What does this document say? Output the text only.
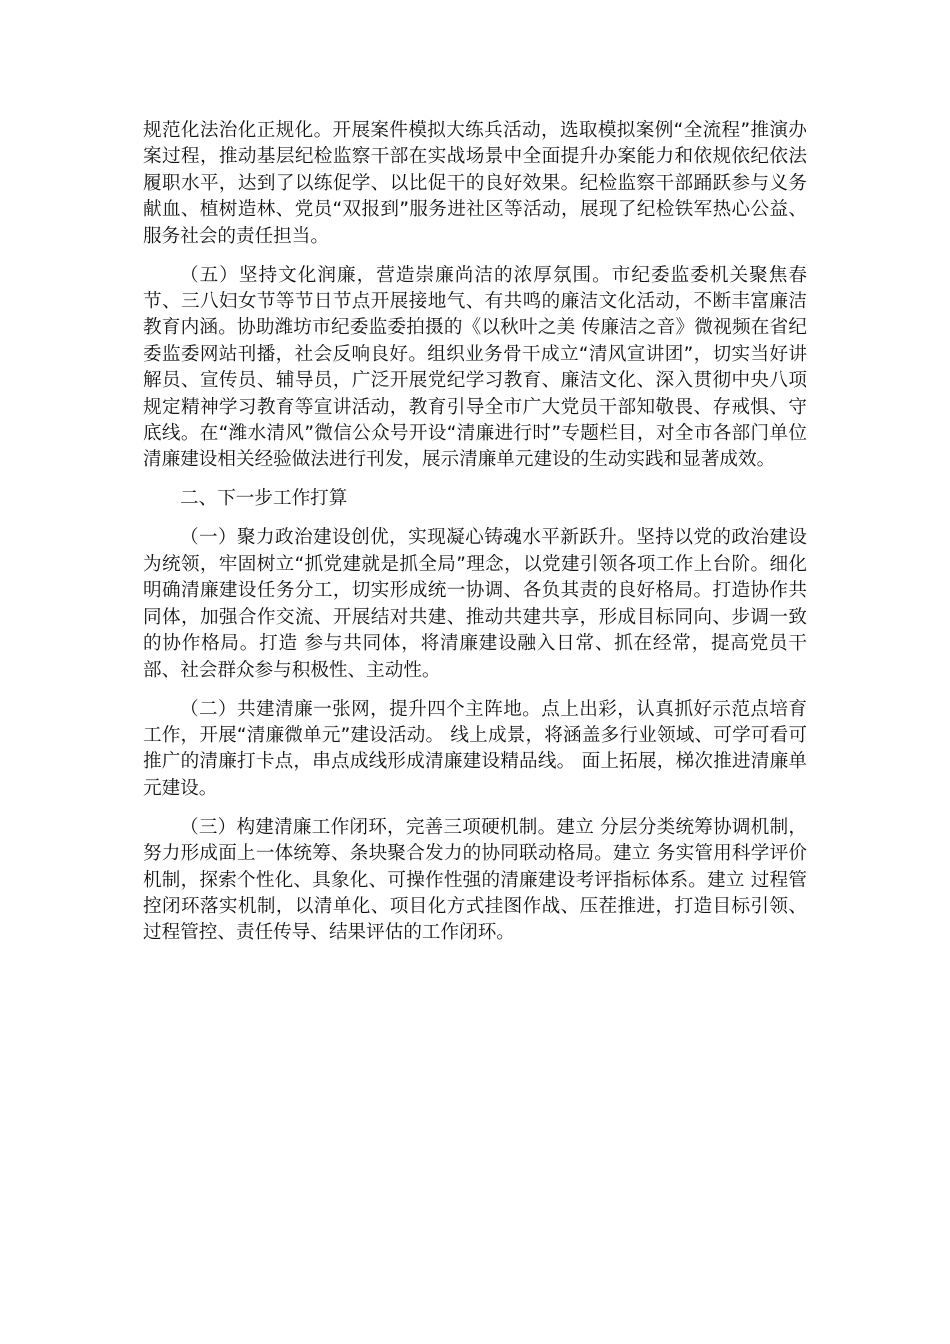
规范化法治化正规化。开展案件模拟大练兵活动，选取模拟案例“全流程”推演办案过程，推动基层纪检监察干部在实战场景中全面提升办案能力和依规依纪依法履职水平，达到了以练促学、以比促干的良好效果。纪检监察干部踊跃参与义务献血、植树造林、党员“双报到”服务进社区等活动，展现了纪检铁军热心公益、服务社会的责任担当。

（五）坚持文化润廉，营造崇廉尚洁的浓厚氛围。市纪委监委机关聚焦春节、三八妇女节等节日节点开展接地气、有共鸣的廉洁文化活动，不断丰富廉洁教育内涵。协助潍坊市纪委监委拍摄的《以秋叶之美 传廉洁之音》微视频在省纪委监委网站刊播，社会反响良好。组织业务骨干成立“清风宣讲团”，切实当好讲解员、宣传员、辅导员，广泛开展党纪学习教育、廉洁文化、深入贯彻中央八项规定精神学习教育等宣讲活动，教育引导全市广大党员干部知敬畏、存戒惧、守底线。在“潍水清风”微信公众号开设“清廉进行时”专题栏目，对全市各部门单位清廉建设相关经验做法进行刊发，展示清廉单元建设的生动实践和显著成效。

二、下一步工作打算

（一）聚力政治建设创优，实现凝心铸魂水平新跃升。坚持以党的政治建设为统领，牢固树立“抓党建就是抓全局”理念，以党建引领各项工作上台阶。细化明确清廉建设任务分工，切实形成统一协调、各负其责的良好格局。打造协作共同体，加强合作交流、开展结对共建、推动共建共享，形成目标同向、步调一致的协作格局。打造 参与共同体，将清廉建设融入日常、抓在经常，提高党员干部、社会群众参与积极性、主动性。

（二）共建清廉一张网，提升四个主阵地。点上出彩，认真抓好示范点培育工作，开展“清廉微单元”建设活动。 线上成景，将涵盖多行业领域、可学可看可推广的清廉打卡点，串点成线形成清廉建设精品线。 面上拓展，梯次推进清廉单元建设。

（三）构建清廉工作闭环，完善三项硬机制。建立 分层分类统筹协调机制，努力形成面上一体统筹、条块聚合发力的协同联动格局。建立 务实管用科学评价机制，探索个性化、具象化、可操作性强的清廉建设考评指标体系。建立 过程管控闭环落实机制，以清单化、项目化方式挂图作战、压茬推进，打造目标引领、过程管控、责任传导、结果评估的工作闭环。
